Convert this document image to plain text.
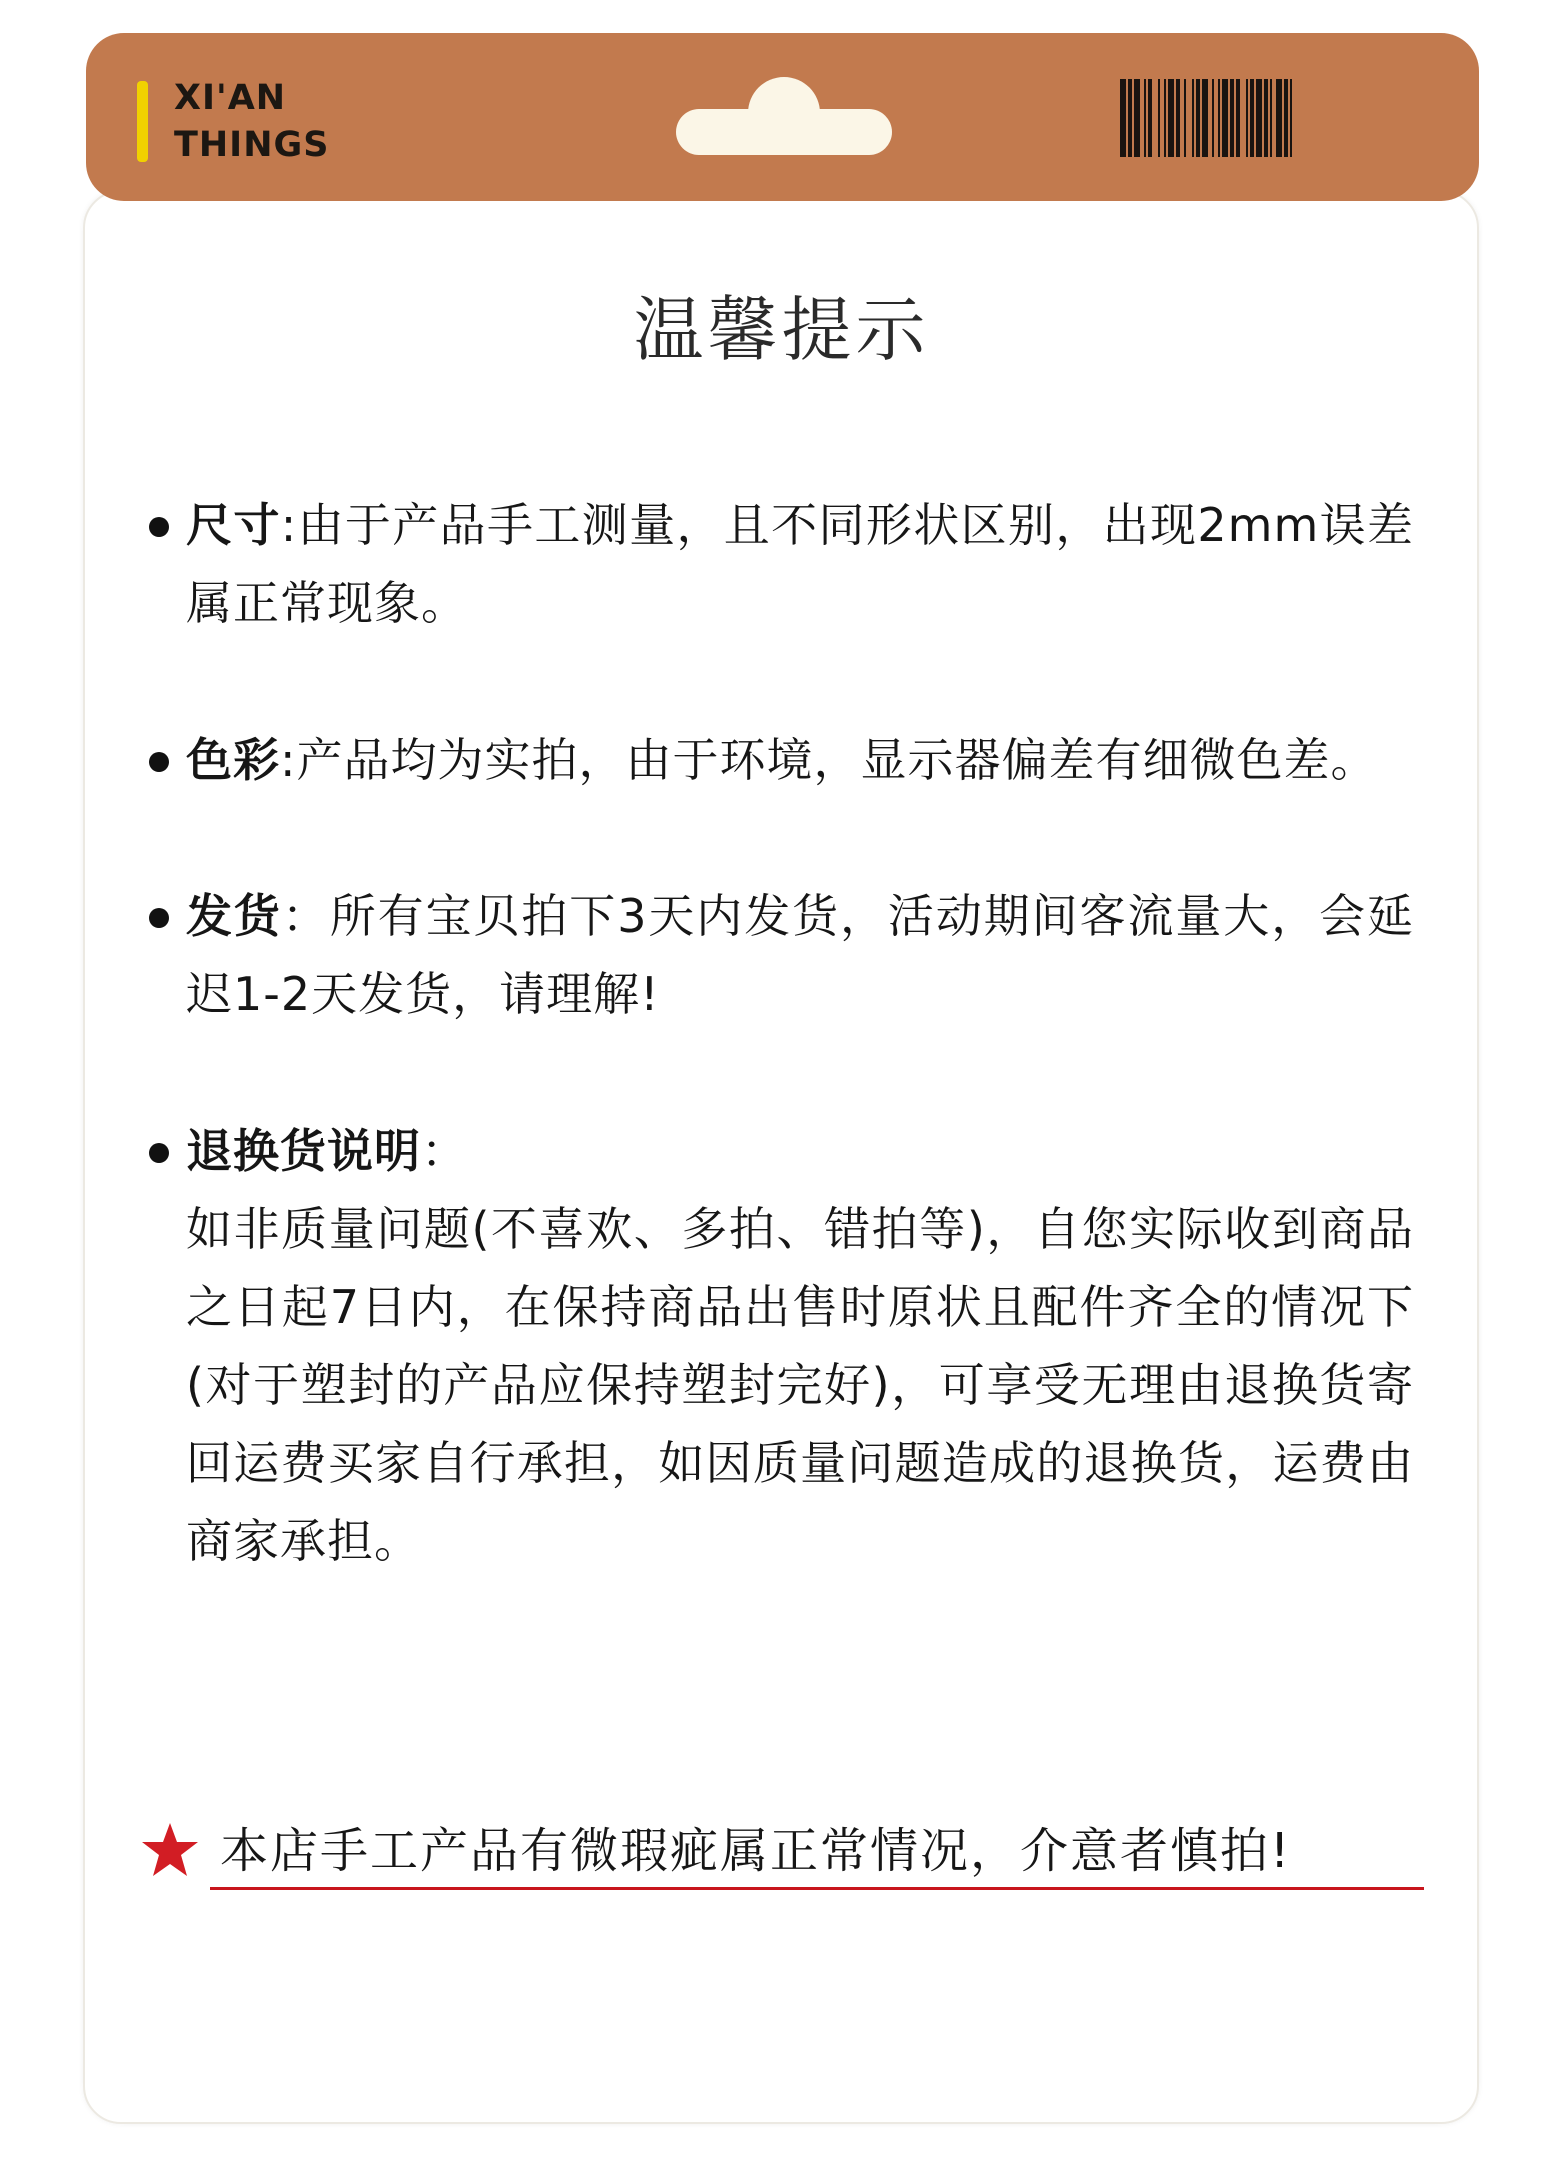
XI'AN
THINGS
温馨提示
尺寸:由于产品手工测量，且不同形状区别，出现2mm误差属正常现象。
色彩:产品均为实拍，由于环境，显示器偏差有细微色差。
发货：所有宝贝拍下3天内发货，活动期间客流量大，会延迟1-2天发货，请理解!
退换货说明：
如非质量问题(不喜欢、多拍、错拍等)，自您实际收到商品之日起7日内，在保持商品出售时原状且配件齐全的情况下(对于塑封的产品应保持塑封完好)，可享受无理由退换货寄回运费买家自行承担，如因质量问题造成的退换货，运费由商家承担。
本店手工产品有微瑕疵属正常情况，介意者慎拍!
